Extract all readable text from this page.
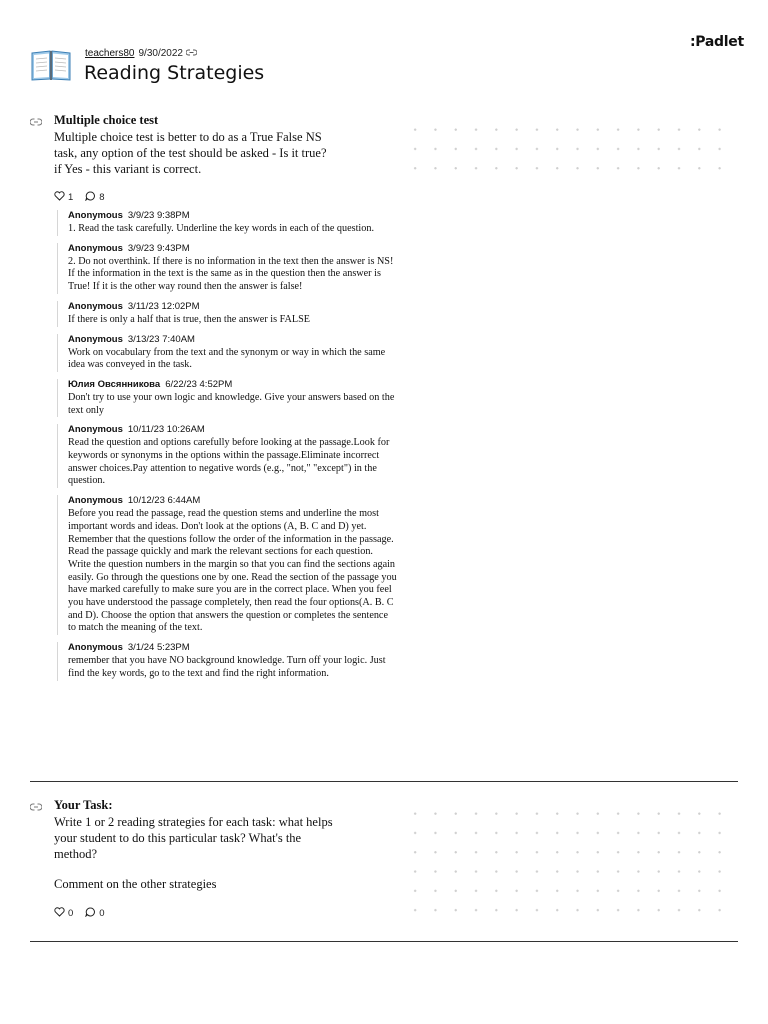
:Padlet
teachers80 9/30/2022
Reading Strategies
Multiple choice test
Multiple choice test is better to do as a True False NS task, any option of the test should be asked - Is it true? if Yes - this variant is correct.
1	8
Anonymous 3/9/23 9:38PM
1. Read the task carefully. Underline the key words in each of the question.
Anonymous 3/9/23 9:43PM
2. Do not overthink. If there is no information in the text then the answer is NS! If the information in the text is the same as in the question then the answer is True! If it is the other way round then the answer is false!
Anonymous 3/11/23 12:02PM
If there is only a half that is true, then the answer is FALSE
Anonymous 3/13/23 7:40AM
Work on vocabulary from the text and the synonym or way in which the same idea was conveyed in the task.
Юлия Овсянникова 6/22/23 4:52PM
Don't try to use your own logic and knowledge. Give your answers based on the text only
Anonymous 10/11/23 10:26AM
Read the question and options carefully before looking at the passage.Look for keywords or synonyms in the options within the passage.Eliminate incorrect answer choices.Pay attention to negative words (e.g., "not," "except") in the question.
Anonymous 10/12/23 6:44AM
Before you read the passage, read the question stems and underline the most important words and ideas. Don't look at the options (A, B. C and D) yet. Remember that the questions follow the order of the information in the passage. Read the passage quickly and mark the relevant sections for each question. Write the question numbers in the margin so that you can find the sections again easily. Go through the questions one by one. Read the section of the passage you have marked carefully to make sure you are in the correct place. When you feel you have understood the passage completely, then read the four options(A. B. C and D). Choose the option that answers the question or completes the sentence to match the meaning of the text.
Anonymous 3/1/24 5:23PM
remember that you have NO background knowledge. Turn off your logic. Just find the key words, go to the text and find the right information.
Your Task:
Write 1 or 2 reading strategies for each task: what helps your student to do this particular task? What's the method?
Comment on the other strategies
0	0
